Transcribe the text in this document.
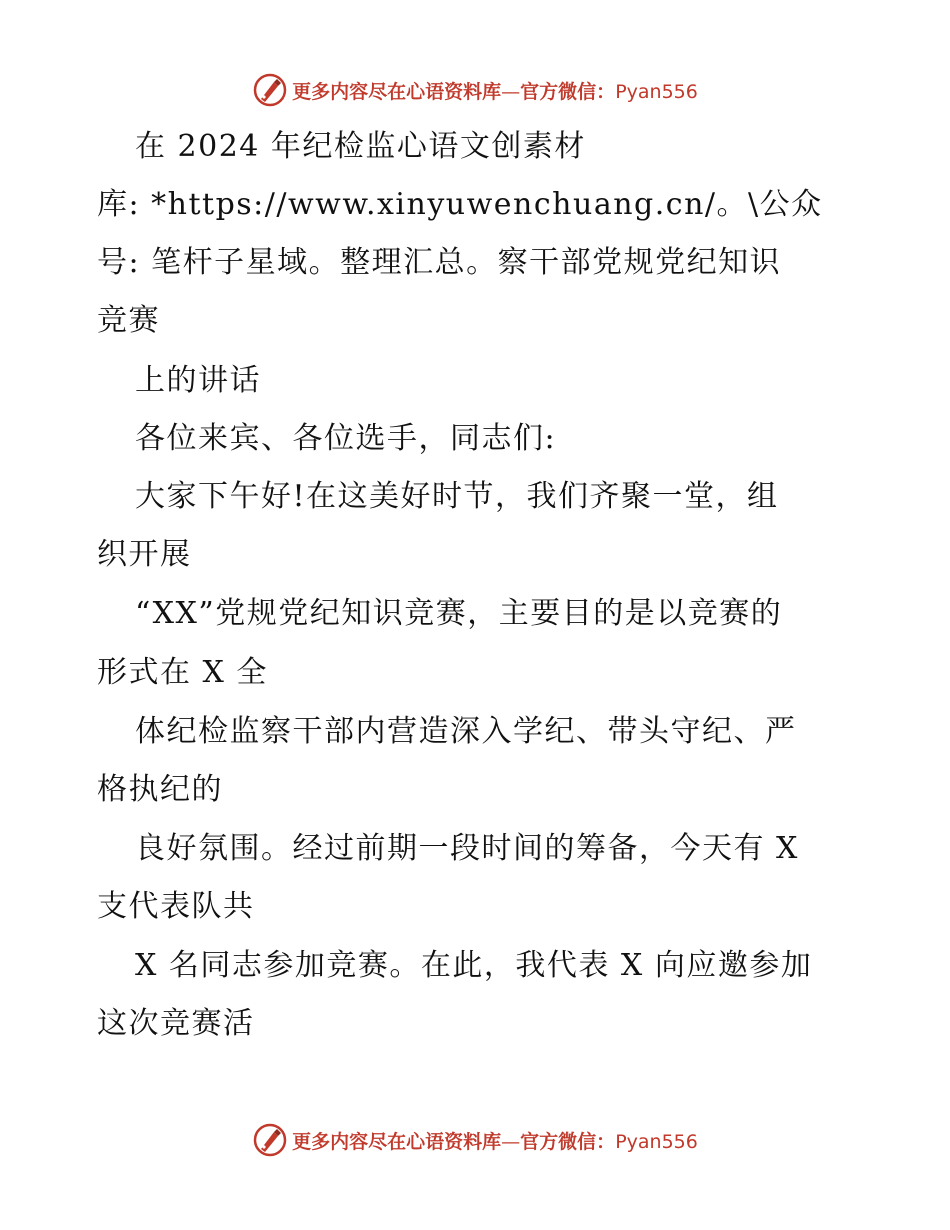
更多内容尽在心语资料库—官方微信：Pyan556
在 2024 年纪检监心语文创素材
库: *https://www.xinyuwenchuang.cn/。\公众
号: 笔杆子星域。整理汇总。察干部党规党纪知识
竞赛
上的讲话
各位来宾、各位选手，同志们:
大家下午好!在这美好时节，我们齐聚一堂，组
织开展
“XX”党规党纪知识竞赛，主要目的是以竞赛的
形式在 X 全
体纪检监察干部内营造深入学纪、带头守纪、严
格执纪的
良好氛围。经过前期一段时间的筹备，今天有 X
支代表队共
X 名同志参加竞赛。在此，我代表 X 向应邀参加
这次竞赛活
更多内容尽在心语资料库—官方微信：Pyan556
